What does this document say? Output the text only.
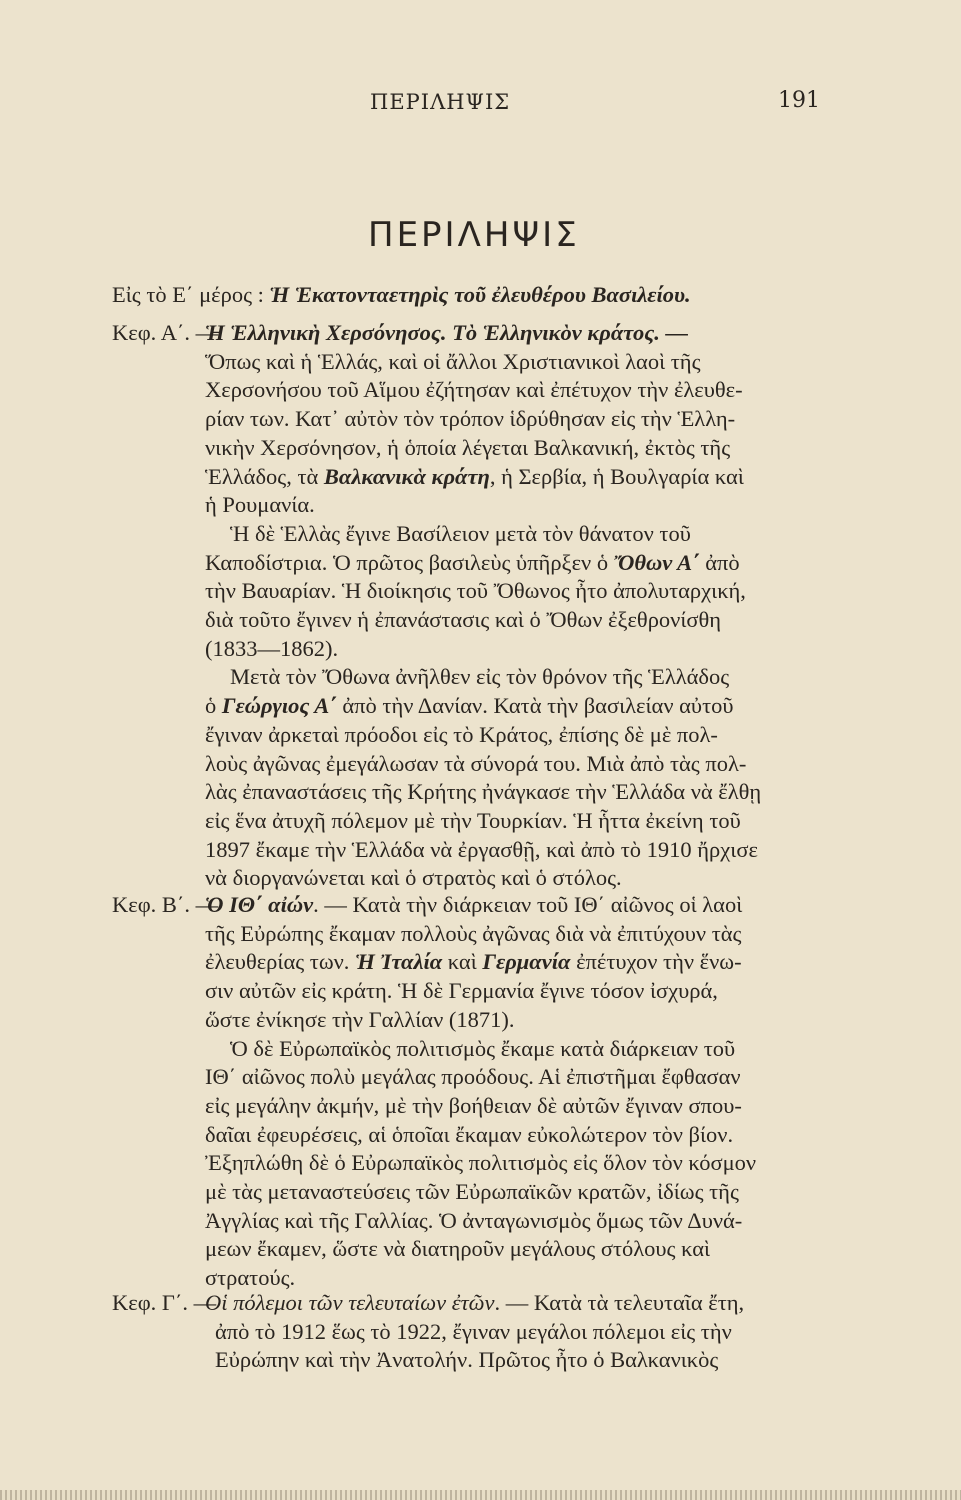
ΠΕΡΙΛΗΨΙΣ	191
ΠΕΡΙΛΗΨΙΣ
Εἰς τὸ Ε΄ μέρος : Ἡ Ἑκατονταετηρὶς τοῦ ἐλευθέρου Βασιλείου.
Κεφ. Α΄. —
Ἡ Ἑλληνικὴ Χερσόνησος. Τὸ Ἑλληνικὸν κράτος. —
Ὅπως καὶ ἡ Ἑλλάς, καὶ οἱ ἄλλοι Χριστιανικοὶ λαοὶ τῆς
Χερσονήσου τοῦ Αἵμου ἐζήτησαν καὶ ἐπέτυχον τὴν ἐλευθε-
ρίαν των. Κατ᾽ αὐτὸν τὸν τρόπον ἱδρύθησαν εἰς τὴν Ἑλλη-
νικὴν Χερσόνησον, ἡ ὁποία λέγεται Βαλκανική, ἐκτὸς τῆς
Ἑλλάδος, τὰ Βαλκανικὰ κράτη, ἡ Σερβία, ἡ Βουλγαρία καὶ
ἡ Ρουμανία.
Ἡ δὲ Ἑλλὰς ἔγινε Βασίλειον μετὰ τὸν θάνατον τοῦ
Καποδίστρια. Ὁ πρῶτος βασιλεὺς ὑπῆρξεν ὁ Ὄθων Α΄ ἀπὸ
τὴν Βαυαρίαν. Ἡ διοίκησις τοῦ Ὄθωνος ἦτο ἀπολυταρχική,
διὰ τοῦτο ἔγινεν ἡ ἐπανάστασις καὶ ὁ Ὄθων ἐξεθρονίσθη
(1833—1862).
Μετὰ τὸν Ὄθωνα ἀνῆλθεν εἰς τὸν θρόνον τῆς Ἑλλάδος
ὁ Γεώργιος Α΄ ἀπὸ τὴν Δανίαν. Κατὰ τὴν βασιλείαν αὐτοῦ
ἔγιναν ἀρκεταὶ πρόοδοι εἰς τὸ Κράτος, ἐπίσης δὲ μὲ πολ-
λοὺς ἀγῶνας ἐμεγάλωσαν τὰ σύνορά του. Μιὰ ἀπὸ τὰς πολ-
λὰς ἐπαναστάσεις τῆς Κρήτης ἠνάγκασε τὴν Ἑλλάδα νὰ ἔλθῃ
εἰς ἕνα ἀτυχῆ πόλεμον μὲ τὴν Τουρκίαν. Ἡ ἧττα ἐκείνη τοῦ
1897 ἔκαμε τὴν Ἑλλάδα νὰ ἐργασθῇ, καὶ ἀπὸ τὸ 1910 ἤρχισε
νὰ διοργανώνεται καὶ ὁ στρατὸς καὶ ὁ στόλος.
Κεφ. Β΄. —
Ὁ ΙΘ΄ αἰών. — Κατὰ τὴν διάρκειαν τοῦ ΙΘ΄ αἰῶνος οἱ λαοὶ
τῆς Εὐρώπης ἔκαμαν πολλοὺς ἀγῶνας διὰ νὰ ἐπιτύχουν τὰς
ἐλευθερίας των. Ἡ Ἰταλία καὶ Γερμανία ἐπέτυχον τὴν ἕνω-
σιν αὐτῶν εἰς κράτη. Ἡ δὲ Γερμανία ἔγινε τόσον ἰσχυρά,
ὥστε ἐνίκησε τὴν Γαλλίαν (1871).
Ὁ δὲ Εὐρωπαϊκὸς πολιτισμὸς ἔκαμε κατὰ διάρκειαν τοῦ
ΙΘ΄ αἰῶνος πολὺ μεγάλας προόδους. Αἱ ἐπιστῆμαι ἔφθασαν
εἰς μεγάλην ἀκμήν, μὲ τὴν βοήθειαν δὲ αὐτῶν ἔγιναν σπου-
δαῖαι ἐφευρέσεις, αἱ ὁποῖαι ἔκαμαν εὐκολώτερον τὸν βίον.
Ἐξηπλώθη δὲ ὁ Εὐρωπαϊκὸς πολιτισμὸς εἰς ὅλον τὸν κόσμον
μὲ τὰς μεταναστεύσεις τῶν Εὐρωπαϊκῶν κρατῶν, ἰδίως τῆς
Ἀγγλίας καὶ τῆς Γαλλίας. Ὁ ἀνταγωνισμὸς ὅμως τῶν Δυνά-
μεων ἔκαμεν, ὥστε νὰ διατηροῦν μεγάλους στόλους καὶ
στρατούς.
Κεφ. Γ΄. —
Οἱ πόλεμοι τῶν τελευταίων ἐτῶν. — Κατὰ τὰ τελευταῖα ἔτη,
ἀπὸ τὸ 1912 ἕως τὸ 1922, ἔγιναν μεγάλοι πόλεμοι εἰς τὴν
Εὐρώπην καὶ τὴν Ἀνατολήν. Πρῶτος ἦτο ὁ Βαλκανικὸς
